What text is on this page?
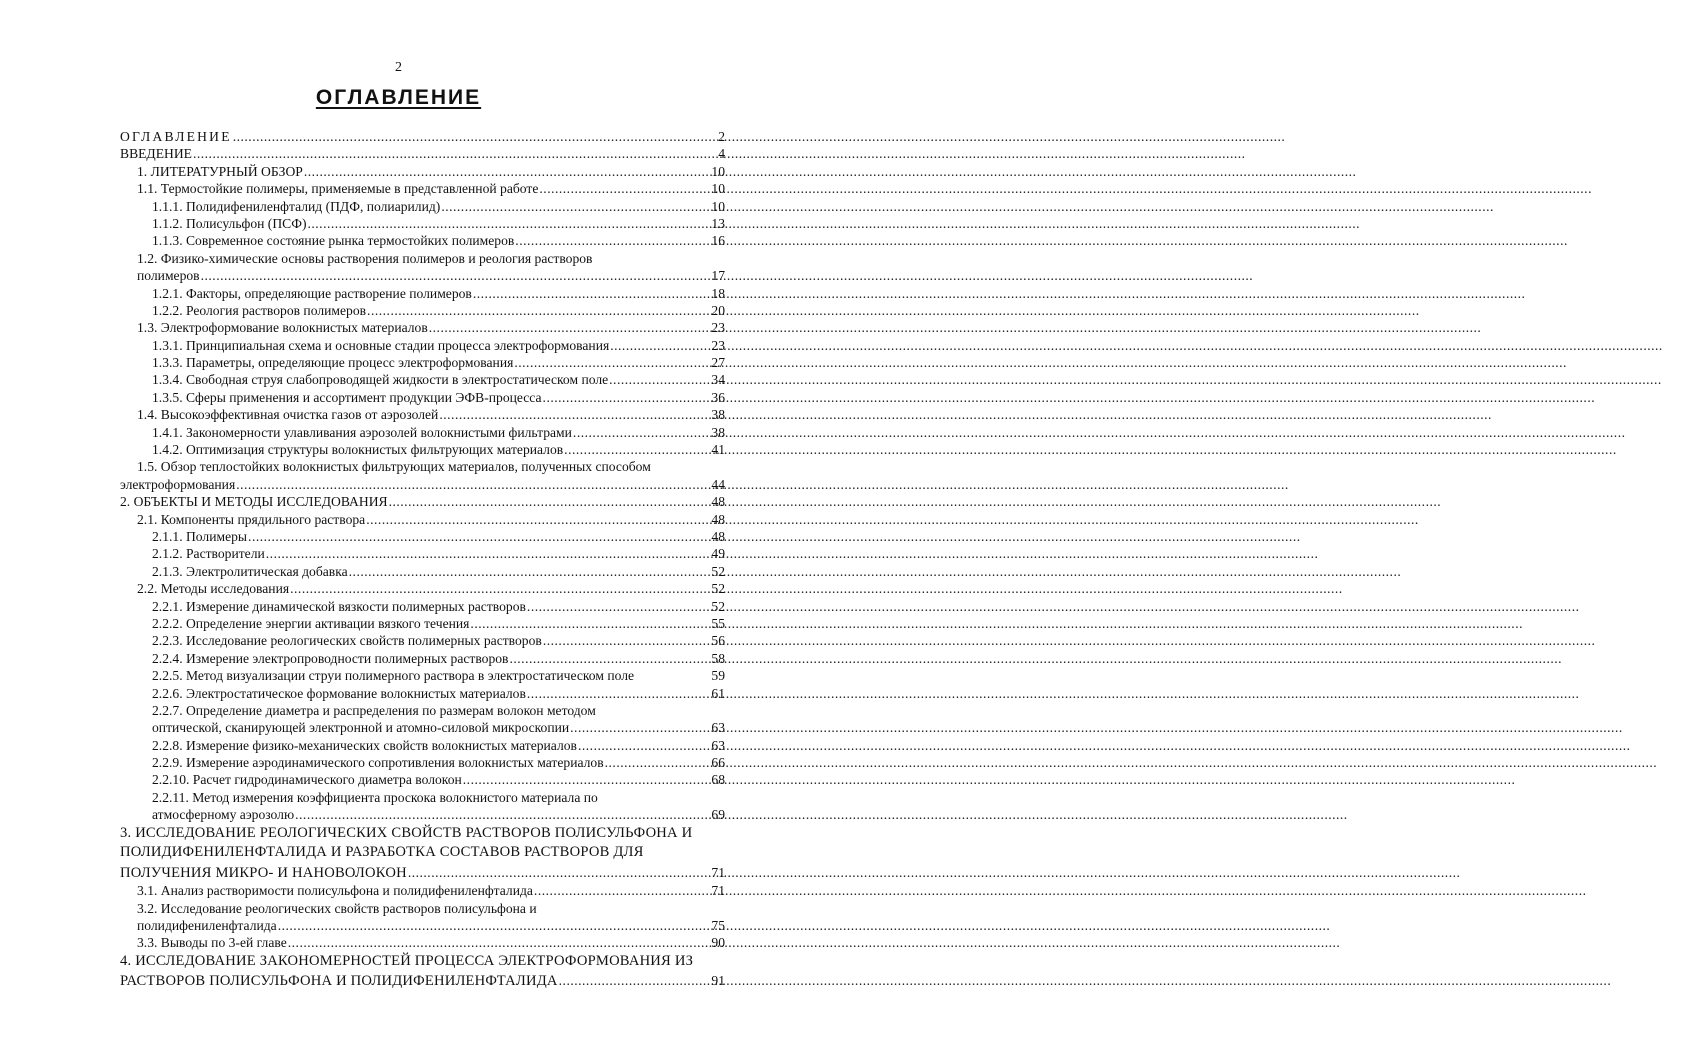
2
ОГЛАВЛЕНИЕ
ОГЛАВЛЕНИЕ .....	2
ВВЕДЕНИЕ .....	4
1. ЛИТЕРАТУРНЫЙ ОБЗОР .....	10
1.1. Термостойкие полимеры, применяемые в представленной работе .....	10
1.1.1. Полидифениленфталид (ПДФ, полиарилид) .....	10
1.1.2. Полисульфон (ПСФ) .....	13
1.1.3. Современное состояние рынка термостойких полимеров .....	16
1.2. Физико-химические основы растворения полимеров и реология растворов
полимеров .....	17
1.2.1. Факторы, определяющие растворение полимеров .....	18
1.2.2. Реология растворов полимеров .....	20
1.3. Электроформование волокнистых материалов .....	23
1.3.1. Принципиальная схема и основные стадии процесса электроформования .....	23
1.3.3. Параметры, определяющие процесс электроформования .....	27
1.3.4. Свободная струя слабопроводящей жидкости в электростатическом поле .....	34
1.3.5. Сферы применения и ассортимент продукции ЭФВ-процесса .....	36
1.4. Высокоэффективная очистка газов от аэрозолей .....	38
1.4.1. Закономерности улавливания аэрозолей волокнистыми фильтрами .....	38
1.4.2. Оптимизация структуры волокнистых фильтрующих материалов .....	41
1.5. Обзор теплостойких волокнистых фильтрующих материалов, полученных способом
электроформования .....	44
2. ОБЪЕКТЫ И МЕТОДЫ ИССЛЕДОВАНИЯ .....	48
2.1. Компоненты прядильного раствора .....	48
2.1.1. Полимеры .....	48
2.1.2. Растворители .....	49
2.1.3. Электролитическая добавка .....	52
2.2. Методы исследования .....	52
2.2.1. Измерение динамической вязкости полимерных растворов .....	52
2.2.2. Определение энергии активации вязкого течения .....	55
2.2.3. Исследование реологических свойств полимерных растворов .....	56
2.2.4. Измерение электропроводности полимерных растворов .....	58
2.2.5. Метод визуализации струи полимерного раствора в электростатическом поле	59
2.2.6. Электростатическое формование волокнистых материалов .....	61
2.2.7. Определение диаметра и распределения по размерам волокон методом
оптической, сканирующей электронной и атомно-силовой микроскопии .....	63
2.2.8. Измерение физико-механических свойств волокнистых материалов .....	63
2.2.9. Измерение аэродинамического сопротивления волокнистых материалов .....	66
2.2.10. Расчет гидродинамического диаметра волокон .....	68
2.2.11. Метод измерения коэффициента проскока волокнистого материала по
атмосферному аэрозолю .....	69
3. ИССЛЕДОВАНИЕ РЕОЛОГИЧЕСКИХ СВОЙСТВ РАСТВОРОВ ПОЛИСУЛЬФОНА И
ПОЛИДИФЕНИЛЕНФТАЛИДА И РАЗРАБОТКА СОСТАВОВ РАСТВОРОВ ДЛЯ
ПОЛУЧЕНИЯ МИКРО- И НАНОВОЛОКОН .....	71
3.1. Анализ растворимости полисульфона и полидифениленфталида .....	71
3.2. Исследование реологических свойств растворов полисульфона и
полидифениленфталида .....	75
3.3. Выводы по 3-ей главе .....	90
4. ИССЛЕДОВАНИЕ ЗАКОНОМЕРНОСТЕЙ ПРОЦЕССА ЭЛЕКТРОФОРМОВАНИЯ ИЗ
РАСТВОРОВ ПОЛИСУЛЬФОНА И ПОЛИДИФЕНИЛЕНФТАЛИДА .....	91
